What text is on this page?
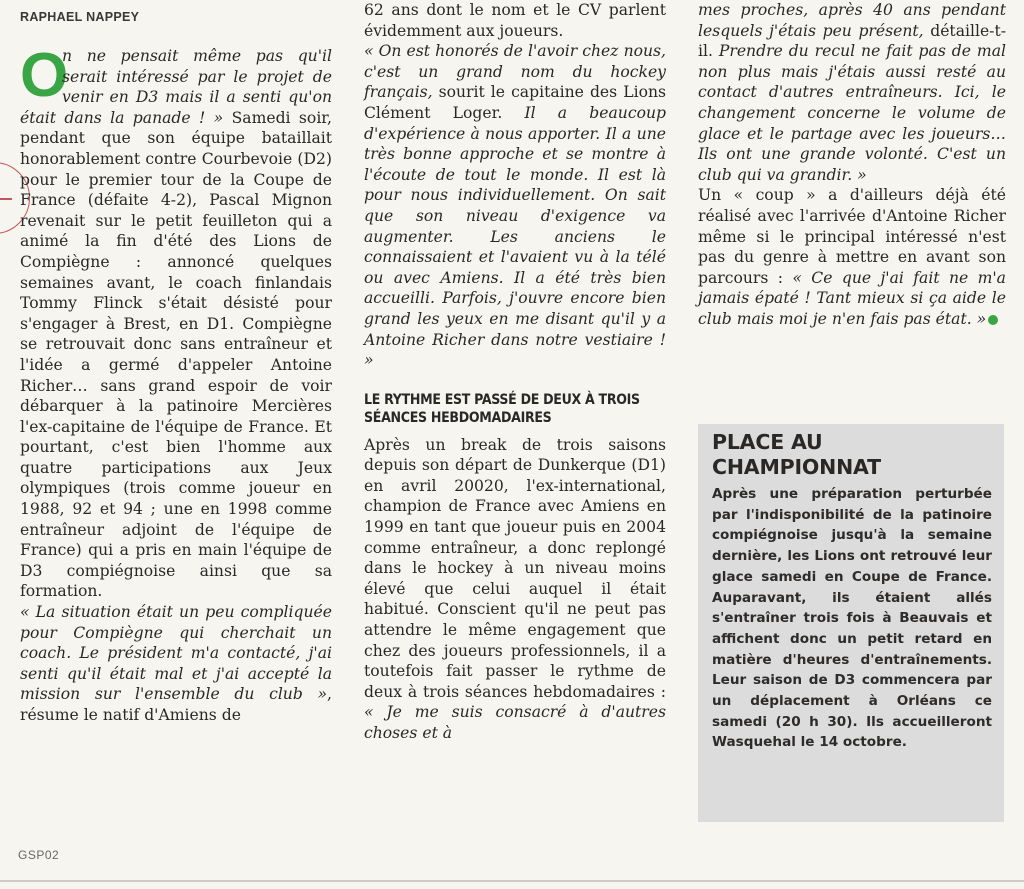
RAPHAEL NAPPEY

O
n ne pensait même pas qu'il serait intéressé par le projet de venir en D3 mais il a senti qu'on était dans la panade ! » Samedi soir, pendant que son équipe bataillait honorablement contre Courbevoie (D2) pour le premier tour de la Coupe de France (défaite 4-2), Pascal Mignon revenait sur le petit feuilleton qui a animé la fin d'été des Lions de Compiègne : annoncé quelques semaines avant, le coach finlandais Tommy Flinck s'était désisté pour s'engager à Brest, en D1. Compiègne se retrouvait donc sans entraîneur et l'idée a germé d'appeler Antoine Richer… sans grand espoir de voir débarquer à la patinoire Mercières l'ex-capitaine de l'équipe de France. Et pourtant, c'est bien l'homme aux quatre participations aux Jeux olympiques (trois comme joueur en 1988, 92 et 94 ; une en 1998 comme entraîneur adjoint de l'équipe de France) qui a pris en main l'équipe de D3 compiégnoise ainsi que sa formation.

« La situation était un peu compliquée pour Compiègne qui cherchait un coach. Le président m'a contacté, j'ai senti qu'il était mal et j'ai accepté la mission sur l'ensemble du club », résume le natif d'Amiens de

62 ans dont le nom et le CV parlent évidemment aux joueurs.

« On est honorés de l'avoir chez nous, c'est un grand nom du hockey français, sourit le capitaine des Lions Clément Loger. Il a beaucoup d'expérience à nous apporter. Il a une très bonne approche et se montre à l'écoute de tout le monde. Il est là pour nous individuellement. On sait que son niveau d'exigence va augmenter. Les anciens le connaissaient et l'avaient vu à la télé ou avec Amiens. Il a été très bien accueilli. Parfois, j'ouvre encore bien grand les yeux en me disant qu'il y a Antoine Richer dans notre vestiaire ! »

LE RYTHME EST PASSÉ DE DEUX À TROIS SÉANCES HEBDOMADAIRES

Après un break de trois saisons depuis son départ de Dunkerque (D1) en avril 20020, l'ex-international, champion de France avec Amiens en 1999 en tant que joueur puis en 2004 comme entraîneur, a donc replongé dans le hockey à un niveau moins élevé que celui auquel il était habitué. Conscient qu'il ne peut pas attendre le même engagement que chez des joueurs professionnels, il a toutefois fait passer le rythme de deux à trois séances hebdomadaires : « Je me suis consacré à d'autres choses et à

mes proches, après 40 ans pendant lesquels j'étais peu présent, détaille-t-il. Prendre du recul ne fait pas de mal non plus mais j'étais aussi resté au contact d'autres entraîneurs. Ici, le changement concerne le volume de glace et le partage avec les joueurs… Ils ont une grande volonté. C'est un club qui va grandir. »

Un « coup » a d'ailleurs déjà été réalisé avec l'arrivée d'Antoine Richer même si le principal intéressé n'est pas du genre à mettre en avant son parcours : « Ce que j'ai fait ne m'a jamais épaté ! Tant mieux si ça aide le club mais moi je n'en fais pas état. »

PLACE AU
CHAMPIONNAT

Après une préparation perturbée par l'indisponibilité de la patinoire compiégnoise jusqu'à la semaine dernière, les Lions ont retrouvé leur glace samedi en Coupe de France. Auparavant, ils étaient allés s'entraîner trois fois à Beauvais et affichent donc un petit retard en matière d'heures d'entraînements. Leur saison de D3 commencera par un déplacement à Orléans ce samedi (20 h 30). Ils accueilleront Wasquehal le 14 octobre.

GSP02
